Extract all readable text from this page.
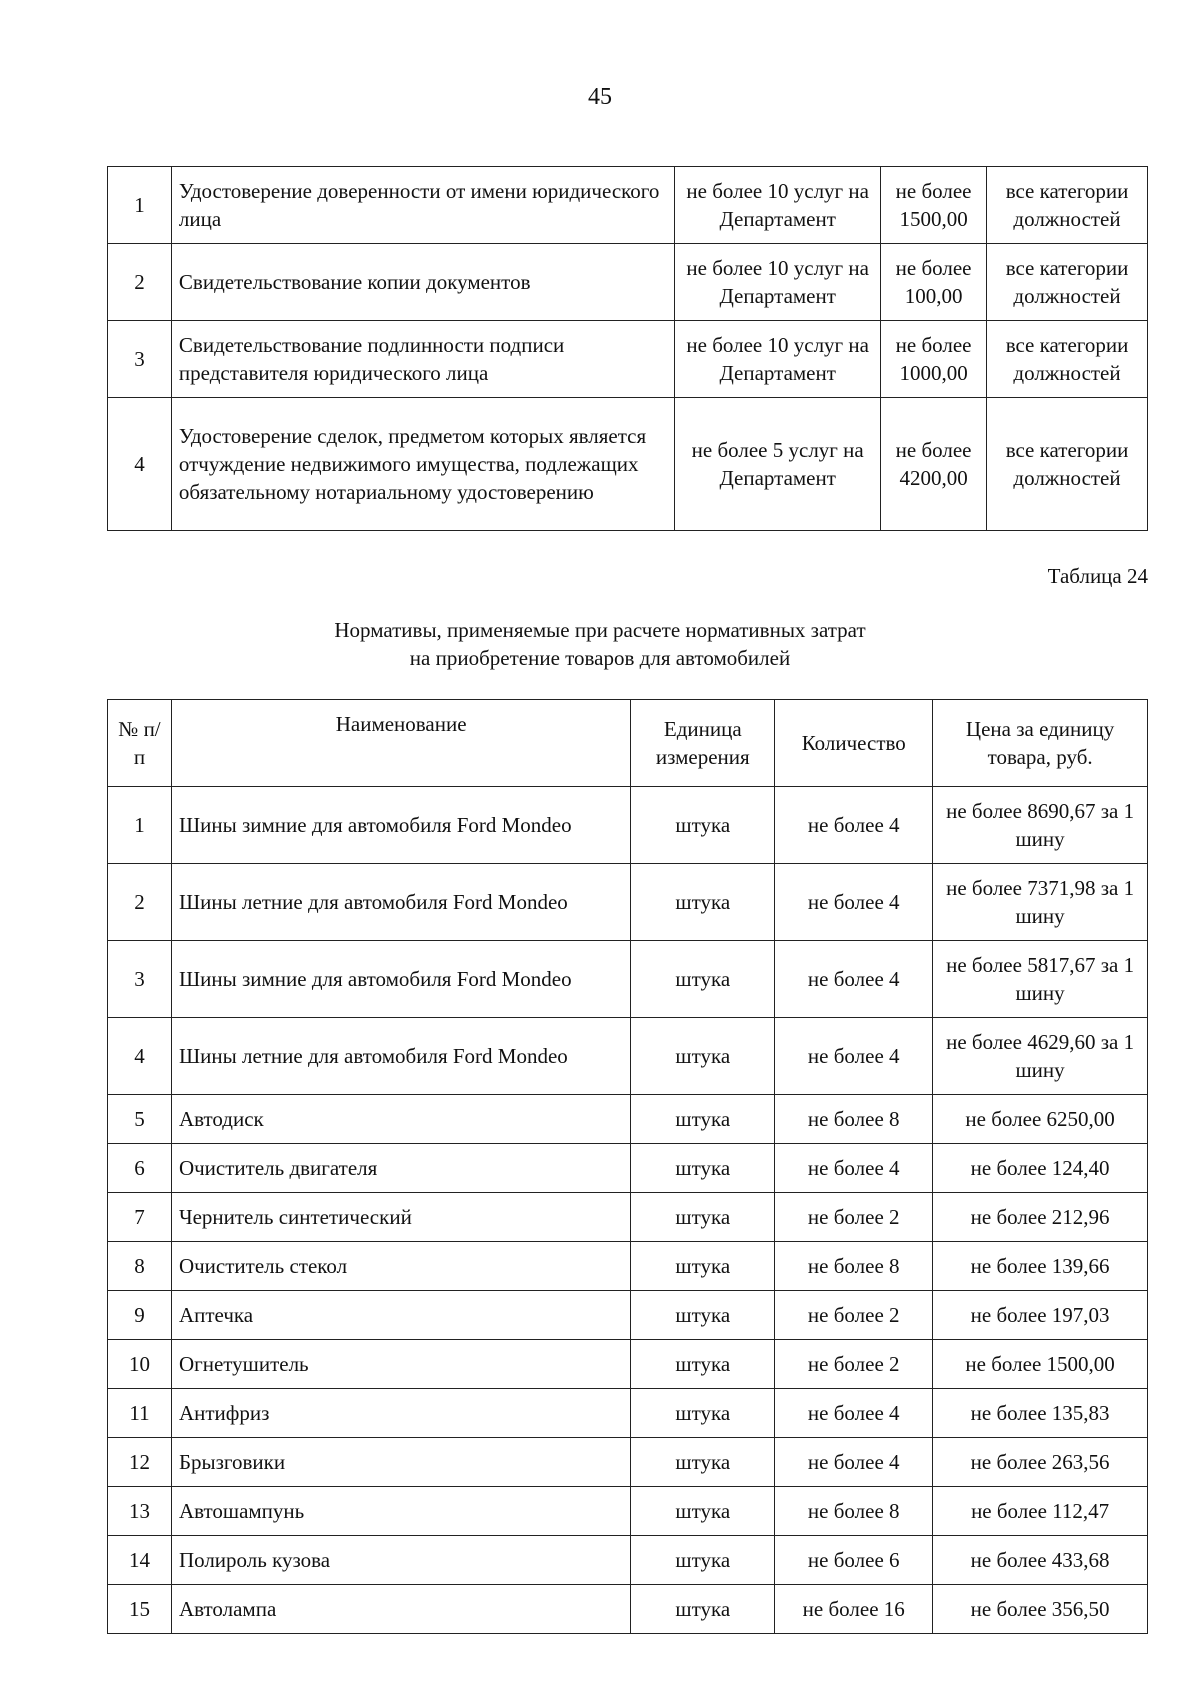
45
1	Удостоверение доверенности от имени юридического лица	не более 10 услуг на Департамент	не более 1500,00	все категории должностей
2	Свидетельствование копии документов	не более 10 услуг на Департамент	не более 100,00	все категории должностей
3	Свидетельствование подлинности подписи представителя юридического лица	не более 10 услуг на Департамент	не более 1000,00	все категории должностей
4	Удостоверение сделок, предметом которых является отчуждение недвижимого имущества, подлежащих обязательному нотариальному удостоверению	не более 5 услуг на Департамент	не более 4200,00	все категории должностей
Таблица 24
Нормативы, применяемые при расчете нормативных затрат
на приобретение товаров для автомобилей
№ п/п	Наименование	Единица измерения	Количество	Цена за единицу товара, руб.
1	Шины зимние для автомобиля Ford Mondeo	штука	не более 4	не более 8690,67 за 1 шину
2	Шины летние для автомобиля Ford Mondeo	штука	не более 4	не более 7371,98 за 1 шину
3	Шины зимние для автомобиля Ford Mondeo	штука	не более 4	не более 5817,67 за 1 шину
4	Шины летние для автомобиля Ford Mondeo	штука	не более 4	не более 4629,60 за 1 шину
5	Автодиск	штука	не более 8	не более 6250,00
6	Очиститель двигателя	штука	не более 4	не более 124,40
7	Чернитель синтетический	штука	не более 2	не более 212,96
8	Очиститель стекол	штука	не более 8	не более 139,66
9	Аптечка	штука	не более 2	не более 197,03
10	Огнетушитель	штука	не более 2	не более 1500,00
11	Антифриз	штука	не более 4	не более 135,83
12	Брызговики	штука	не более 4	не более 263,56
13	Автошампунь	штука	не более 8	не более 112,47
14	Полироль кузова	штука	не более 6	не более 433,68
15	Автолампа	штука	не более 16	не более 356,50
